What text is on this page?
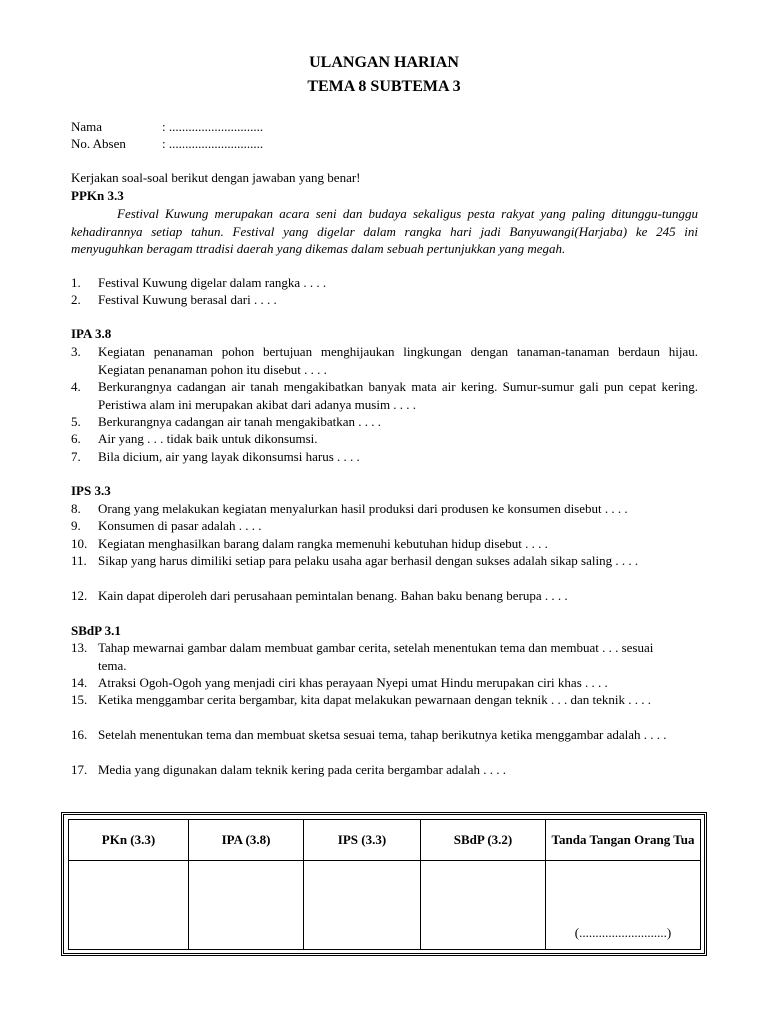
ULANGAN HARIAN
TEMA 8 SUBTEMA 3
Nama	: .............................
No. Absen	: .............................
Kerjakan soal-soal berikut dengan jawaban yang benar!
PPKn 3.3
Festival Kuwung merupakan acara seni dan budaya sekaligus pesta rakyat yang paling ditunggu-tunggu kehadirannya setiap tahun. Festival yang digelar dalam rangka hari jadi Banyuwangi(Harjaba) ke 245 ini menyuguhkan beragam ttradisi daerah yang dikemas dalam sebuah pertunjukkan yang megah.
1. Festival Kuwung digelar dalam rangka . . . .
2. Festival Kuwung berasal dari . . . .
IPA 3.8
3. Kegiatan penanaman pohon bertujuan menghijaukan lingkungan dengan tanaman-tanaman berdaun hijau. Kegiatan penanaman pohon itu disebut . . . .
4. Berkurangnya cadangan air tanah mengakibatkan banyak mata air kering. Sumur-sumur gali pun cepat kering. Peristiwa alam ini merupakan akibat dari adanya musim . . . .
5. Berkurangnya cadangan air tanah mengakibatkan . . . .
6. Air yang . . . tidak baik untuk dikonsumsi.
7. Bila dicium, air yang layak dikonsumsi harus . . . .
IPS 3.3
8. Orang yang melakukan kegiatan menyalurkan hasil produksi dari produsen ke konsumen disebut . . . .
9. Konsumen di pasar adalah . . . .
10. Kegiatan menghasilkan barang dalam rangka memenuhi kebutuhan hidup disebut . . . .
11. Sikap yang harus dimiliki setiap para pelaku usaha agar berhasil dengan sukses adalah sikap saling . . . .
12. Kain dapat diperoleh dari perusahaan pemintalan benang. Bahan baku benang berupa . . . .
SBdP 3.1
13. Tahap mewarnai gambar dalam membuat gambar cerita, setelah menentukan tema dan membuat . . . sesuai tema.
14. Atraksi Ogoh-Ogoh yang menjadi ciri khas perayaan Nyepi umat Hindu merupakan ciri khas . . . .
15. Ketika menggambar cerita bergambar, kita dapat melakukan pewarnaan dengan teknik . . . dan teknik . . . .
16. Setelah menentukan tema dan membuat sketsa sesuai tema, tahap berikutnya ketika menggambar adalah . . . .
17. Media yang digunakan dalam teknik kering pada cerita bergambar adalah . . . .
PKn (3.3)	IPA (3.8)	IPS (3.3)	SBdP (3.2)	Tanda Tangan Orang Tua

				(...........................)
